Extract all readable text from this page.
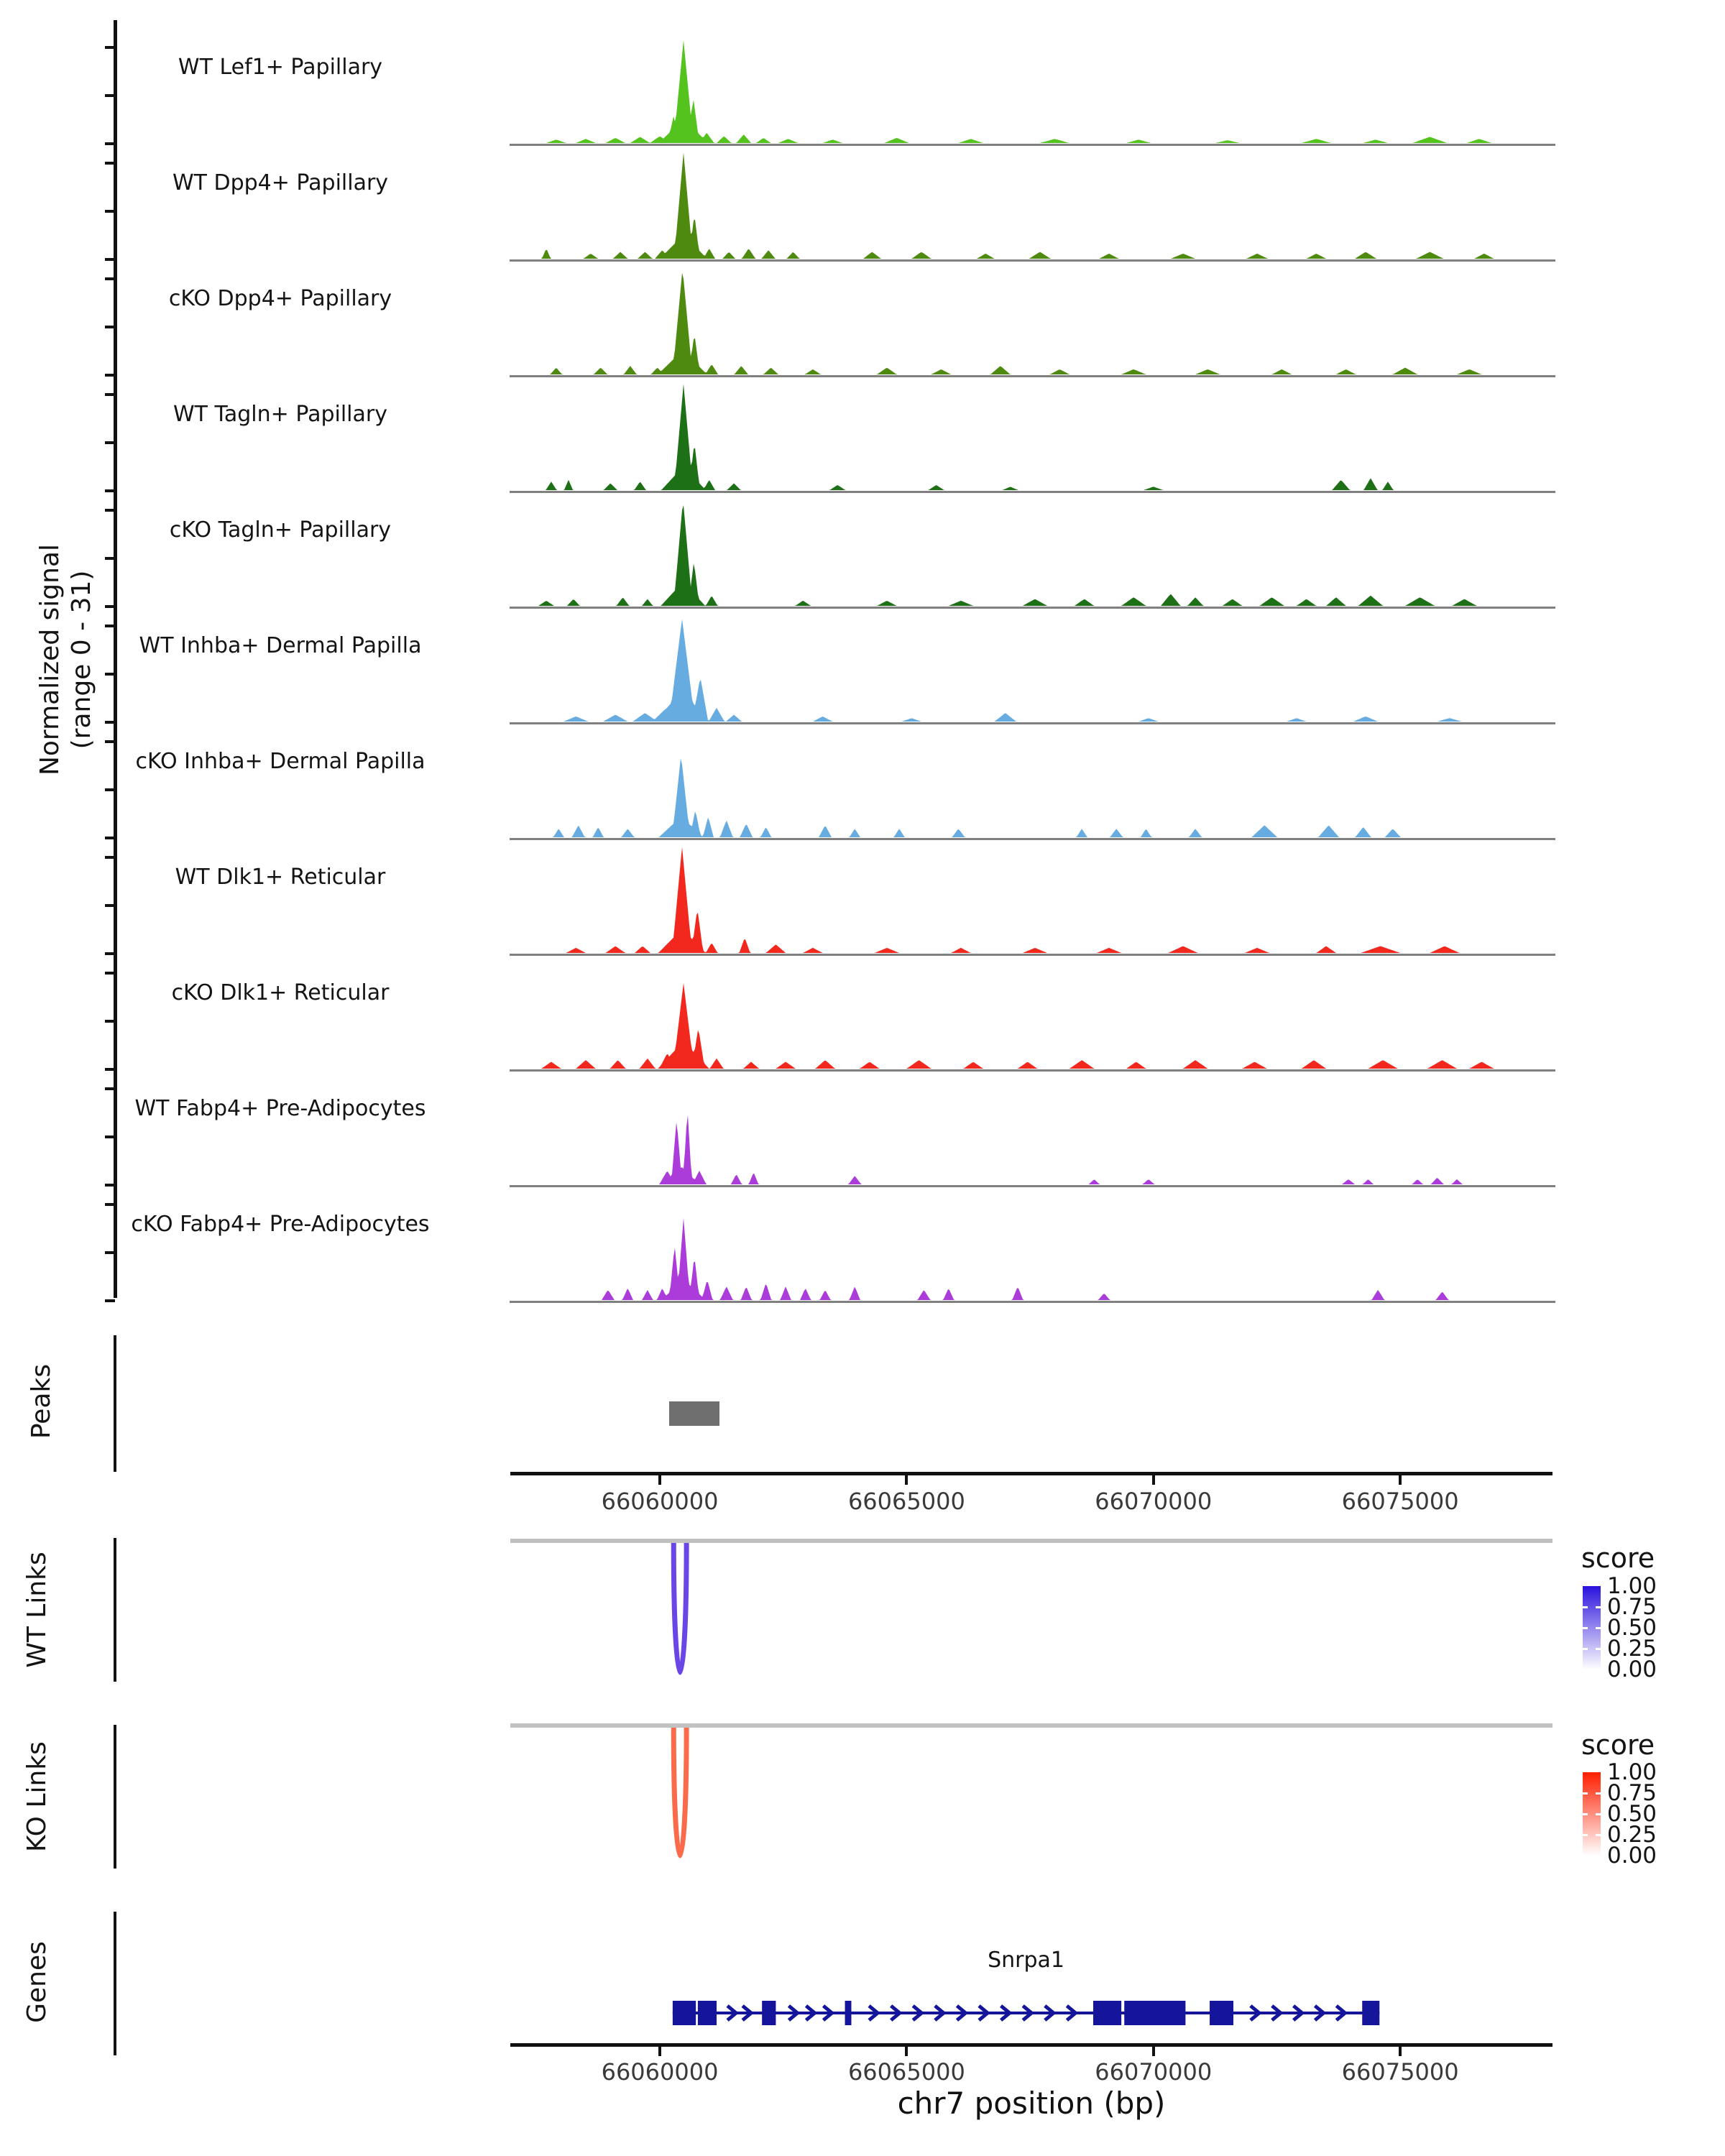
Normalized signal (range 0 - 31)
Peaks
WT Links
KO Links
Genes
score
score
chr7 position (bp)
WT Lef1+ Papillary
WT Dpp4+ Papillary
cKO Dpp4+ Papillary
WT Tagln+ Papillary
cKO Tagln+ Papillary
WT Inhba+ Dermal Papilla
cKO Inhba+ Dermal Papilla
WT Dlk1+ Reticular
cKO Dlk1+ Reticular
WT Fabp4+ Pre-Adipocytes
cKO Fabp4+ Pre-Adipocytes
66060000	66065000	66070000	66075000
66060000	66065000	66070000	66075000
1.00
0.75
0.50
0.25
0.00
1.00
0.75
0.50
0.25
0.00
Snrpa1
